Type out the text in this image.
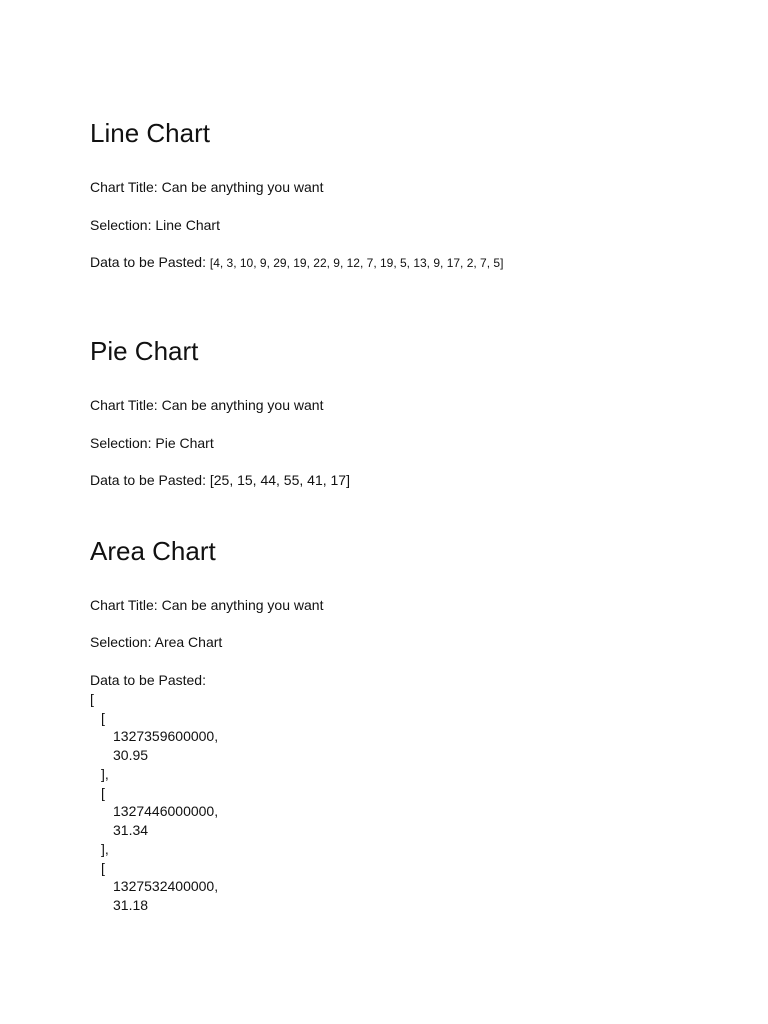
Line Chart
Chart Title: Can be anything you want
Selection: Line Chart
Data to be Pasted: [4, 3, 10, 9, 29, 19, 22, 9, 12, 7, 19, 5, 13, 9, 17, 2, 7, 5]
Pie Chart
Chart Title: Can be anything you want
Selection: Pie Chart
Data to be Pasted: [25, 15, 44, 55, 41, 17]
Area Chart
Chart Title: Can be anything you want
Selection: Area Chart
Data to be Pasted:
[
[
1327359600000,
30.95
],
[
1327446000000,
31.34
],
[
1327532400000,
31.18
